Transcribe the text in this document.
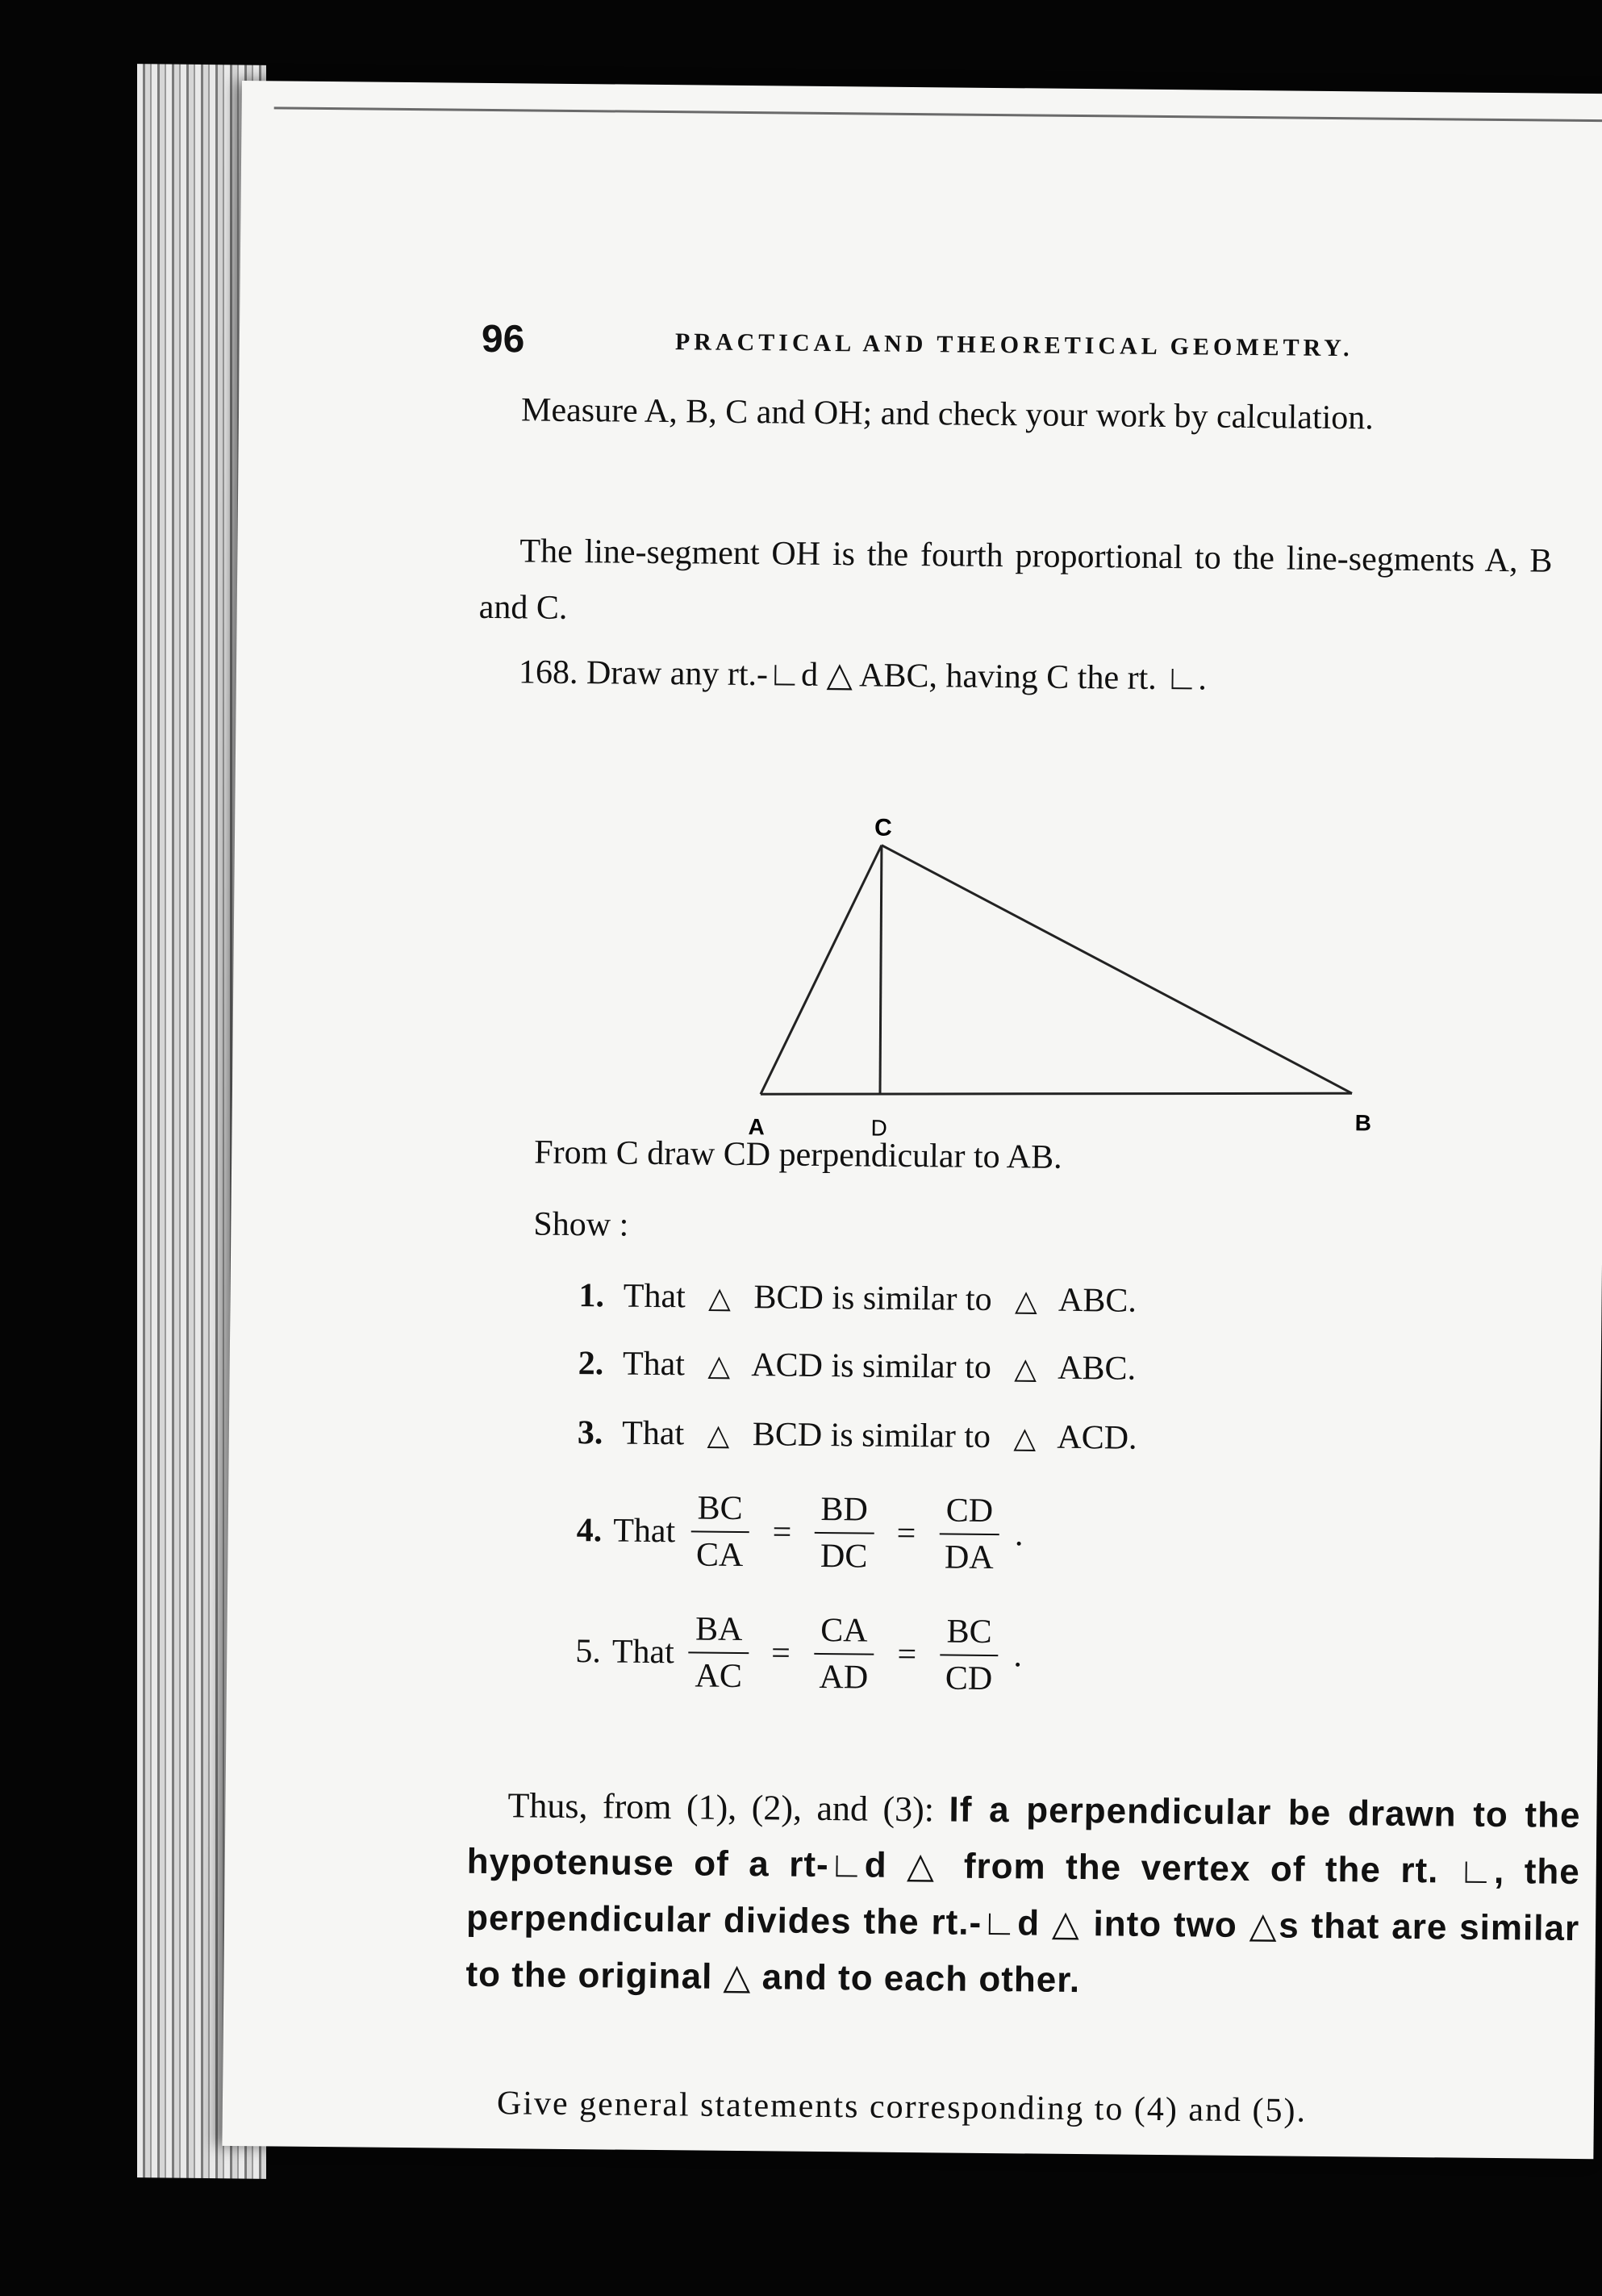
96	PRACTICAL AND THEORETICAL GEOMETRY.
Measure A, B, C and OH; and check your work by calculation.
The line-segment OH is the fourth proportional to the line-segments A, B and C.
168. Draw any rt.-∟d △ ABC, having C the rt. ∟.
C
A	D	B
From C draw CD perpendicular to AB.
Show :
1. That △ BCD is similar to △ ABC.
2. That △ ACD is similar to △ ABC.
3. That △ BCD is similar to △ ACD.
4. That $\frac{BC}{CA} = \frac{BD}{DC} = \frac{CD}{DA}$ .
5. That $\frac{BA}{AC} = \frac{CA}{AD} = \frac{BC}{CD}$ .
Thus, from (1), (2), and (3): If a perpendicular be drawn to the hypotenuse of a rt-∟d △ from the vertex of the rt. ∟, the perpendicular divides the rt.-∟d △ into two △s that are similar to the original △ and to each other.
Give general statements corresponding to (4) and (5).
